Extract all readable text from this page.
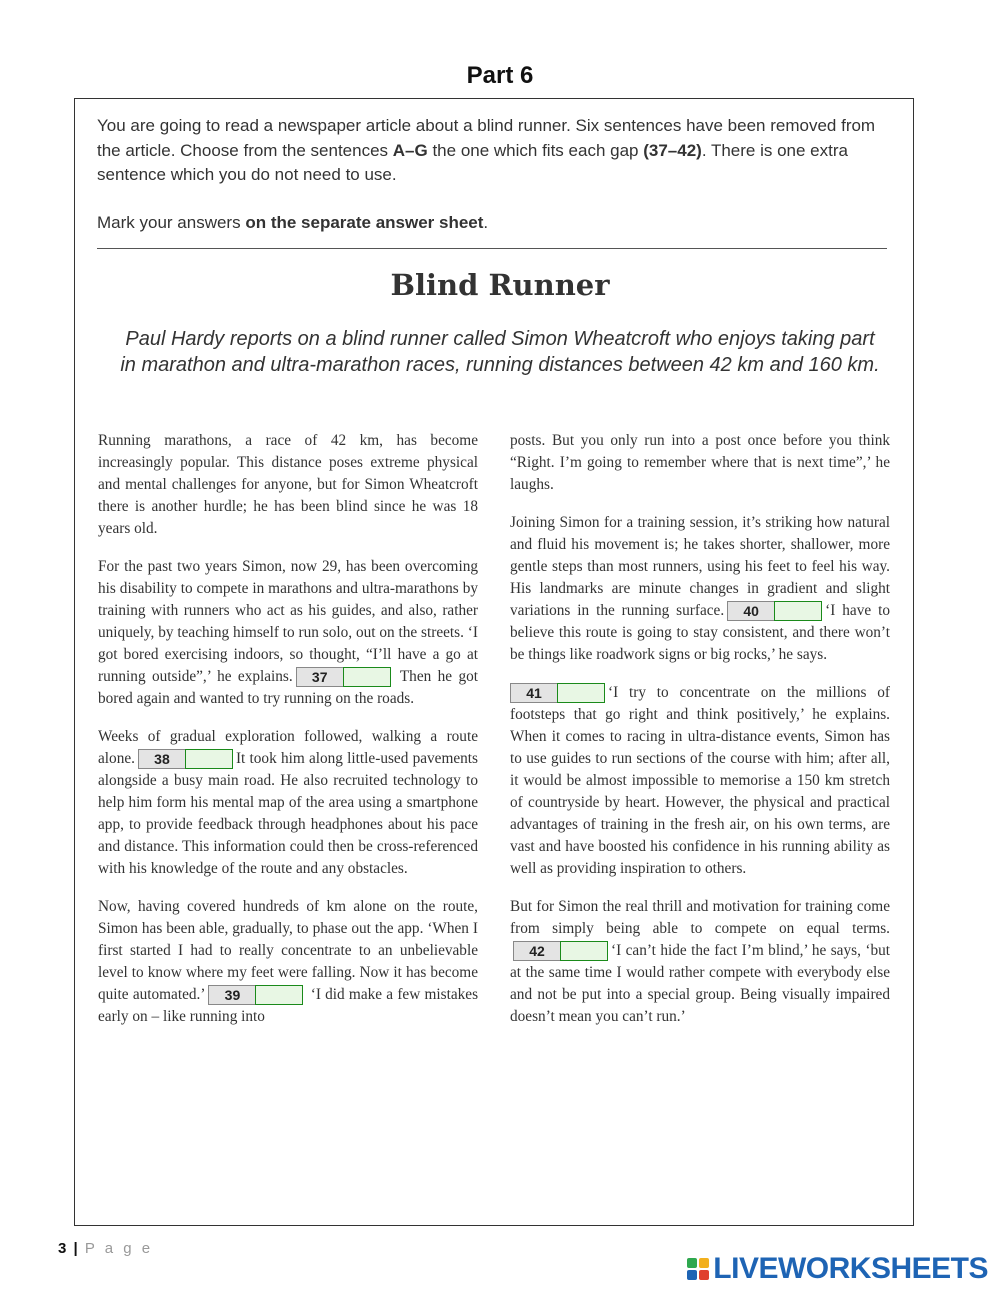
Part 6

You are going to read a newspaper article about a blind runner. Six sentences have been removed from the article. Choose from the sentences A–G the one which fits each gap (37–42). There is one extra sentence which you do not need to use.

Mark your answers on the separate answer sheet.

Blind Runner
Paul Hardy reports on a blind runner called Simon Wheatcroft who enjoys taking part in marathon and ultra-marathon races, running distances between 42 km and 160 km.

Running marathons, a race of 42 km, has become increasingly popular. This distance poses extreme physical and mental challenges for anyone, but for Simon Wheatcroft there is another hurdle; he has been blind since he was 18 years old.

For the past two years Simon, now 29, has been overcoming his disability to compete in marathons and ultra-marathons by training with runners who act as his guides, and also, rather uniquely, by teaching himself to run solo, out on the streets. ‘I got bored exercising indoors, so thought, “I’ll have a go at running outside”,’ he explains. 37	Then he got bored again and wanted to try running on the roads.

Weeks of gradual exploration followed, walking a route alone. 38	It took him along little-used pavements alongside a busy main road. He also recruited technology to help him form his mental map of the area using a smartphone app, to provide feedback through headphones about his pace and distance. This information could then be cross-referenced with his knowledge of the route and any obstacles.

Now, having covered hundreds of km alone on the route, Simon has been able, gradually, to phase out the app. ‘When I first started I had to really concentrate to an unbelievable level to know where my feet were falling. Now it has become quite automated.’ 39	‘I did make a few mistakes early on – like running into

posts. But you only run into a post once before you think “Right. I’m going to remember where that is next time”,’ he laughs.

Joining Simon for a training session, it’s striking how natural and fluid his movement is; he takes shorter, shallower, more gentle steps than most runners, using his feet to feel his way. His landmarks are minute changes in gradient and slight variations in the running surface. 40	‘I have to believe this route is going to stay consistent, and there won’t be things like roadwork signs or big rocks,’ he says.

41	‘I try to concentrate on the millions of footsteps that go right and think positively,’ he explains. When it comes to racing in ultra-distance events, Simon has to use guides to run sections of the course with him; after all, it would be almost impossible to memorise a 150 km stretch of countryside by heart. However, the physical and practical advantages of training in the fresh air, on his own terms, are vast and have boosted his confidence in his running ability as well as providing inspiration to others.

But for Simon the real thrill and motivation for training come from simply being able to compete on equal terms.42	‘I can’t hide the fact I’m blind,’ he says, ‘but at the same time I would rather compete with everybody else and not be put into a special group. Being visually impaired doesn’t mean you can’t run.’

3 | P a g e
LIVEWORKSHEETS
